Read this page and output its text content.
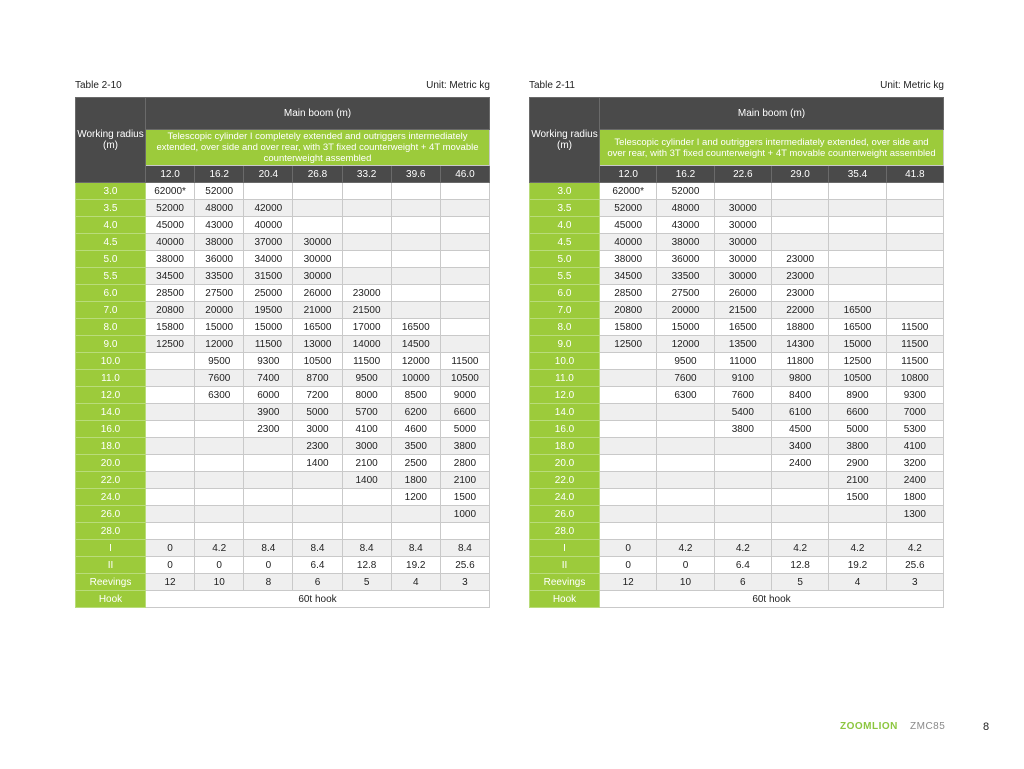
Table 2-10	Unit: Metric kg
Working radius (m)	Main boom (m)						
	Telescopic cylinder I completely extended and outriggers intermediately extended, over side and over rear, with 3T fixed counterweight + 4T movable counterweight assembled						
	12.0	16.2	20.4	26.8	33.2	39.6	46.0
3.0	62000*	52000					
3.5	52000	48000	42000				
4.0	45000	43000	40000				
4.5	40000	38000	37000	30000			
5.0	38000	36000	34000	30000			
5.5	34500	33500	31500	30000			
6.0	28500	27500	25000	26000	23000		
7.0	20800	20000	19500	21000	21500		
8.0	15800	15000	15000	16500	17000	16500	
9.0	12500	12000	11500	13000	14000	14500	
10.0		9500	9300	10500	11500	12000	11500
11.0		7600	7400	8700	9500	10000	10500
12.0		6300	6000	7200	8000	8500	9000
14.0			3900	5000	5700	6200	6600
16.0			2300	3000	4100	4600	5000
18.0				2300	3000	3500	3800
20.0				1400	2100	2500	2800
22.0					1400	1800	2100
24.0						1200	1500
26.0							1000
28.0							
I	0	4.2	8.4	8.4	8.4	8.4	8.4
II	0	0	0	6.4	12.8	19.2	25.6
Reevings	12	10	8	6	5	4	3
Hook	60t hook						
Table 2-11	Unit: Metric kg
Working radius (m)	Main boom (m)					
	Telescopic cylinder I and outriggers intermediately extended, over side and over rear, with 3T fixed counterweight + 4T movable counterweight assembled					
	12.0	16.2	22.6	29.0	35.4	41.8
3.0	62000*	52000				
3.5	52000	48000	30000			
4.0	45000	43000	30000			
4.5	40000	38000	30000			
5.0	38000	36000	30000	23000		
5.5	34500	33500	30000	23000		
6.0	28500	27500	26000	23000		
7.0	20800	20000	21500	22000	16500	
8.0	15800	15000	16500	18800	16500	11500
9.0	12500	12000	13500	14300	15000	11500
10.0		9500	11000	11800	12500	11500
11.0		7600	9100	9800	10500	10800
12.0		6300	7600	8400	8900	9300
14.0			5400	6100	6600	7000
16.0			3800	4500	5000	5300
18.0				3400	3800	4100
20.0				2400	2900	3200
22.0					2100	2400
24.0					1500	1800
26.0						1300
28.0						
I	0	4.2	4.2	4.2	4.2	4.2
II	0	0	6.4	12.8	19.2	25.6
Reevings	12	10	6	5	4	3
Hook	60t hook					
ZOOMLION ZMC85	8
